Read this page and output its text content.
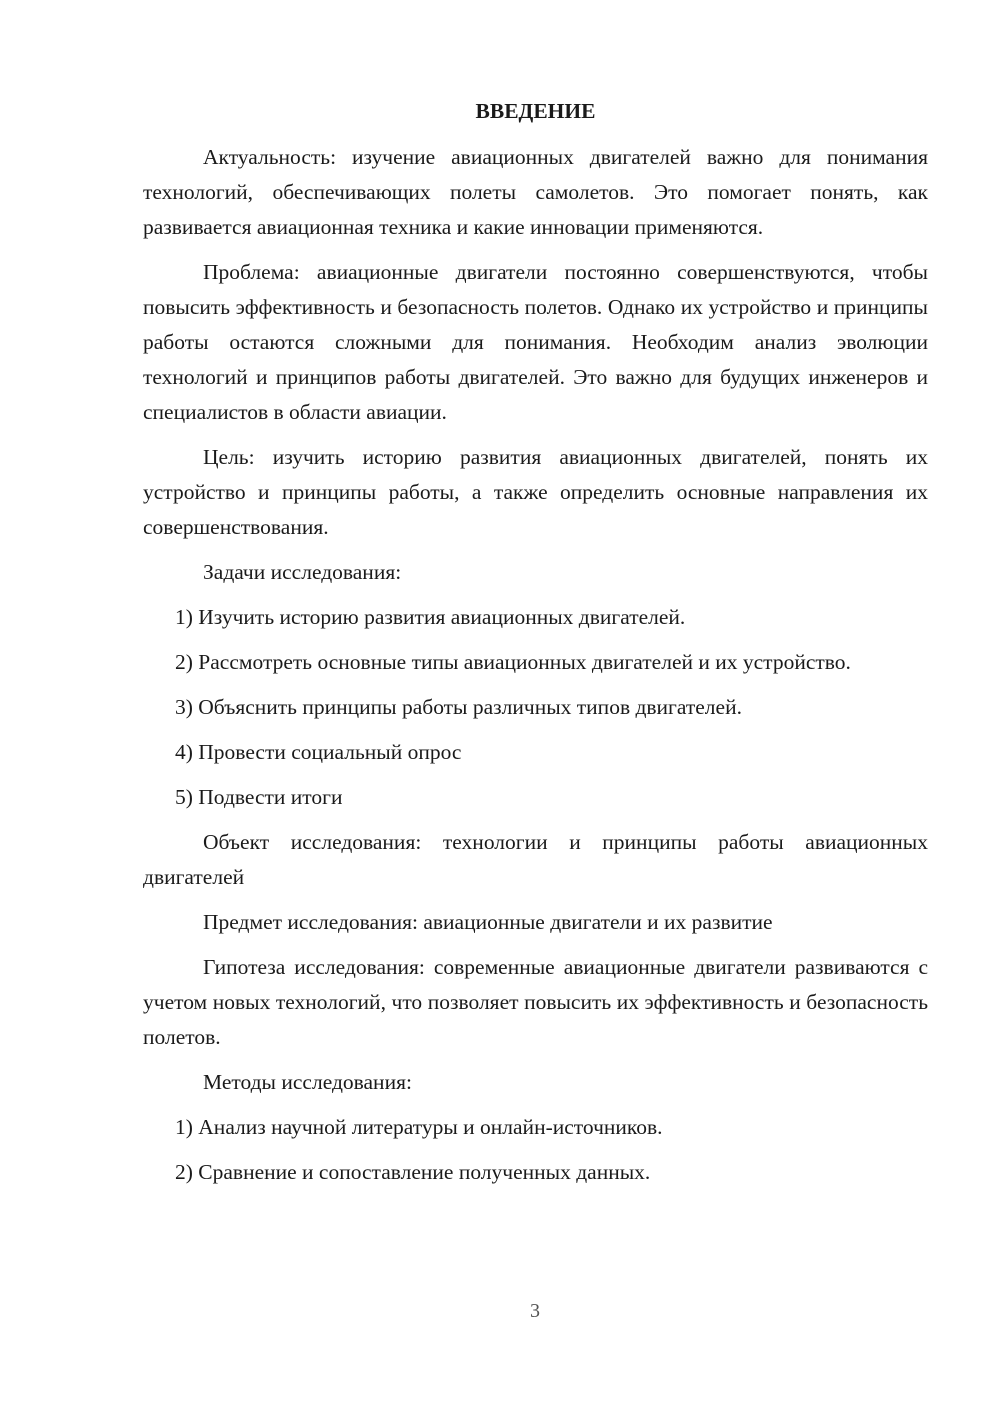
ВВЕДЕНИЕ
Актуальность: изучение авиационных двигателей важно для понимания технологий, обеспечивающих полеты самолетов. Это помогает понять, как развивается авиационная техника и какие инновации применяются.
Проблема: авиационные двигатели постоянно совершенствуются, чтобы повысить эффективность и безопасность полетов. Однако их устройство и принципы работы остаются сложными для понимания. Необходим анализ эволюции технологий и принципов работы двигателей. Это важно для будущих инженеров и специалистов в области авиации.
Цель: изучить историю развития авиационных двигателей, понять их устройство и принципы работы, а также определить основные направления их совершенствования.
Задачи исследования:
1) Изучить историю развития авиационных двигателей.
2) Рассмотреть основные типы авиационных двигателей и их устройство.
3) Объяснить принципы работы различных типов двигателей.
4) Провести социальный опрос
5) Подвести итоги
Объект исследования: технологии и принципы работы авиационных двигателей
Предмет исследования: авиационные двигатели и их развитие
Гипотеза исследования: современные авиационные двигатели развиваются с учетом новых технологий, что позволяет повысить их эффективность и безопасность полетов.
Методы исследования:
1) Анализ научной литературы и онлайн-источников.
2) Сравнение и сопоставление полученных данных.
3
